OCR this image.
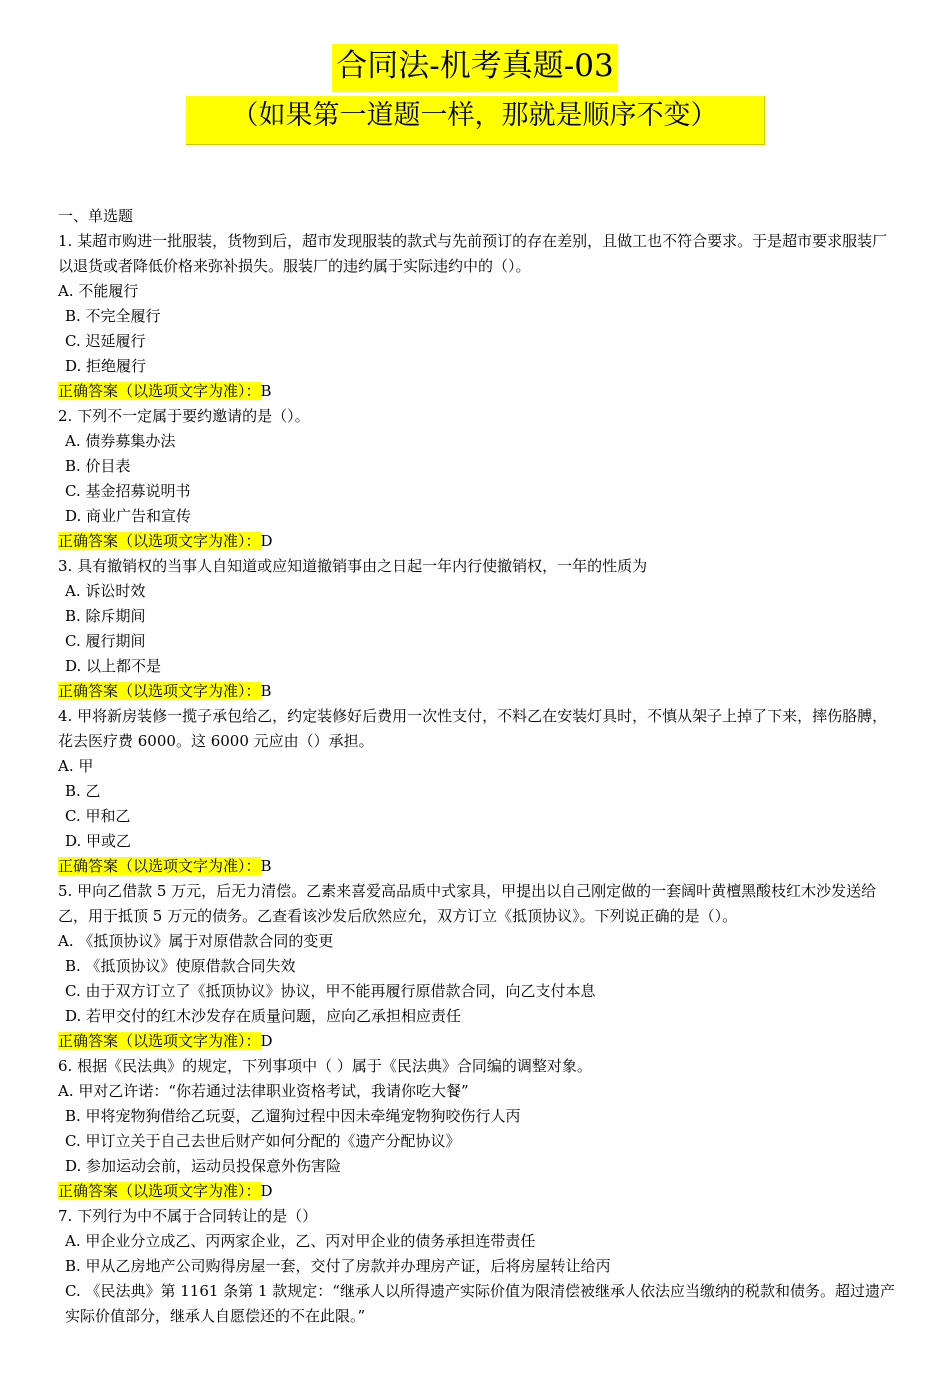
合同法-机考真题-03
（如果第一道题一样，那就是顺序不变）
一、单选题
1. 某超市购进一批服装，货物到后，超市发现服装的款式与先前预订的存在差别，且做工也不符合要求。于是超市要求服装厂以退货或者降低价格来弥补损失。服装厂的违约属于实际违约中的（）。
A. 不能履行
B. 不完全履行
C. 迟延履行
D. 拒绝履行
正确答案（以选项文字为准）：B
2. 下列不一定属于要约邀请的是（）。
A. 债券募集办法
B. 价目表
C. 基金招募说明书
D. 商业广告和宣传
正确答案（以选项文字为准）：D
3. 具有撤销权的当事人自知道或应知道撤销事由之日起一年内行使撤销权，一年的性质为
A. 诉讼时效
B. 除斥期间
C. 履行期间
D. 以上都不是
正确答案（以选项文字为准）：B
4. 甲将新房装修一揽子承包给乙，约定装修好后费用一次性支付，不料乙在安装灯具时，不慎从架子上掉了下来，摔伤胳膊，花去医疗费 6000。这 6000 元应由（）承担。
A. 甲
B. 乙
C. 甲和乙
D. 甲或乙
正确答案（以选项文字为准）：B
5. 甲向乙借款 5 万元，后无力清偿。乙素来喜爱高品质中式家具，甲提出以自己刚定做的一套阔叶黄檀黑酸枝红木沙发送给乙，用于抵顶 5 万元的债务。乙查看该沙发后欣然应允，双方订立《抵顶协议》。下列说正确的是（）。
A. 《抵顶协议》属于对原借款合同的变更
B. 《抵顶协议》使原借款合同失效
C. 由于双方订立了《抵顶协议》协议，甲不能再履行原借款合同，向乙支付本息
D. 若甲交付的红木沙发存在质量问题，应向乙承担相应责任
正确答案（以选项文字为准）：D
6. 根据《民法典》的规定，下列事项中（ ）属于《民法典》合同编的调整对象。
A. 甲对乙许诺：“你若通过法律职业资格考试，我请你吃大餐”
B. 甲将宠物狗借给乙玩耍，乙遛狗过程中因未牵绳宠物狗咬伤行人丙
C. 甲订立关于自己去世后财产如何分配的《遗产分配协议》
D. 参加运动会前，运动员投保意外伤害险
正确答案（以选项文字为准）：D
7. 下列行为中不属于合同转让的是（）
A. 甲企业分立成乙、丙两家企业，乙、丙对甲企业的债务承担连带责任
B. 甲从乙房地产公司购得房屋一套，交付了房款并办理房产证，后将房屋转让给丙
C. 《民法典》第 1161 条第 1 款规定：“继承人以所得遗产实际价值为限清偿被继承人依法应当缴纳的税款和债务。超过遗产实际价值部分，继承人自愿偿还的不在此限。”
